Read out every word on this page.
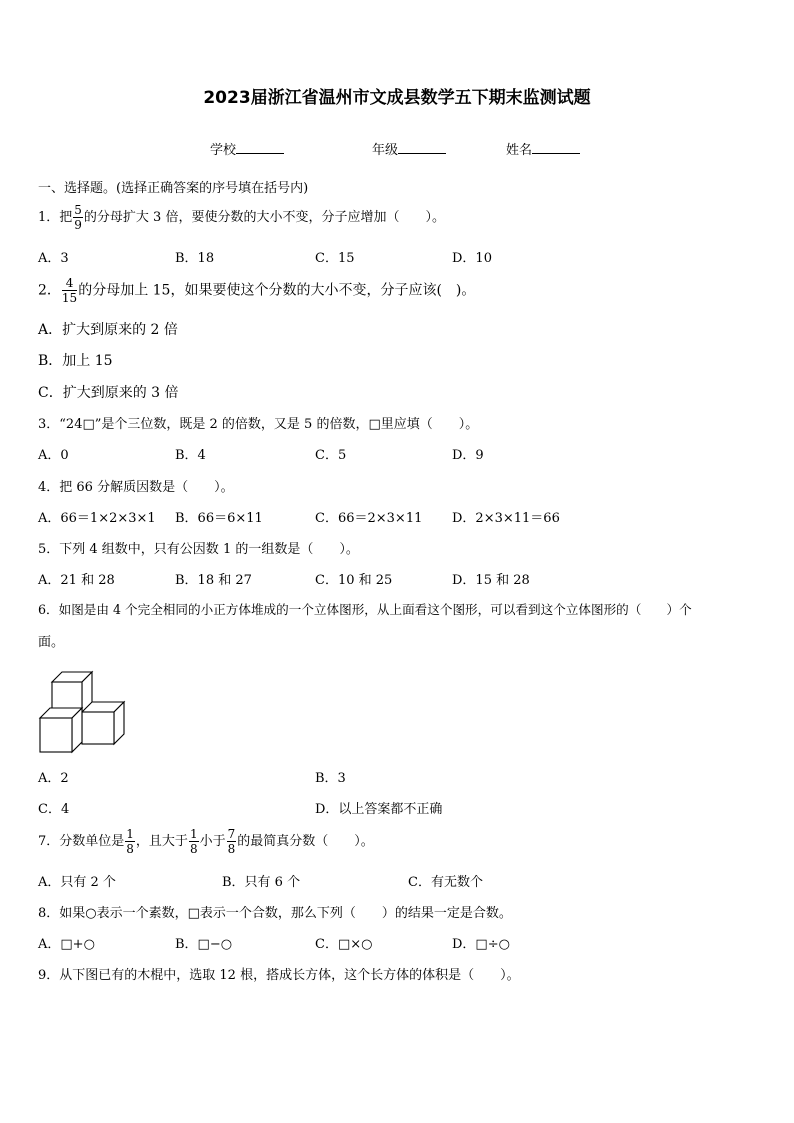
2023届浙江省温州市文成县数学五下期末监测试题
学校	年级	姓名
一、选择题。(选择正确答案的序号填在括号内)
1．把 $\frac{5}{9}$ 的分母扩大 3 倍，要使分数的大小不变，分子应增加（　　）。
A．3	B．18	C．15	D．10
2． $\frac{4}{15}$ 的分母加上 15，如果要使这个分数的大小不变，分子应该(　)。
A．扩大到原来的 2 倍
B．加上 15
C．扩大到原来的 3 倍
3．“24□”是个三位数，既是 2 的倍数，又是 5 的倍数，□里应填（　　）。
A．0	B．4	C．5	D．9
4．把 66 分解质因数是（　　）。
A．66＝1×2×3×1 B．66＝6×11	C．66＝2×3×11 D．2×3×11＝66
5．下列 4 组数中，只有公因数 1 的一组数是（　　）。
A．21 和 28	B．18 和 27	C．10 和 25	D．15 和 28
6．如图是由 4 个完全相同的小正方体堆成的一个立体图形，从上面看这个图形，可以看到这个立体图形的（　　）个
面。
A．2	B．3
C．4	D．以上答案都不正确
7．分数单位是 $\frac{1}{8}$ ，且大于 $\frac{1}{8}$ 小于 $\frac{7}{8}$ 的最简真分数（　　）。
A．只有 2 个	B．只有 6 个	C．有无数个
8．如果○表示一个素数，□表示一个合数，那么下列（　　）的结果一定是合数。
A．□+○	B．□−○	C．□×○	D．□÷○
9．从下图已有的木棍中，选取 12 根，搭成长方体，这个长方体的体积是（　　）。
